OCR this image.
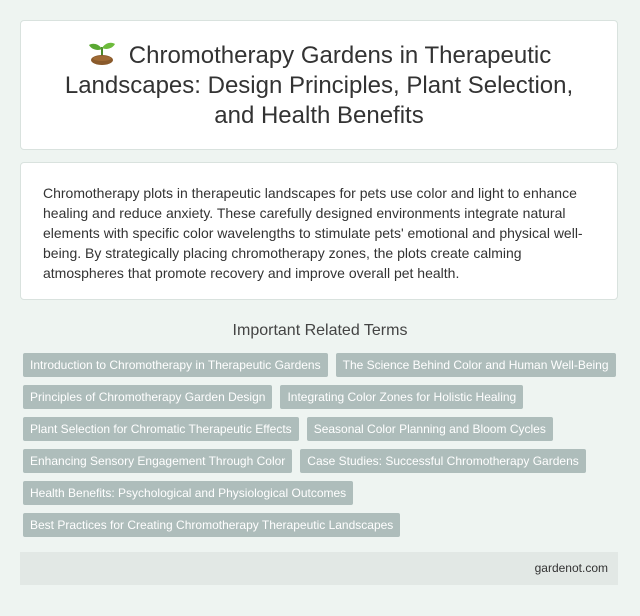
Chromotherapy Gardens in Therapeutic Landscapes: Design Principles, Plant Selection, and Health Benefits

Chromotherapy plots in therapeutic landscapes for pets use color and light to enhance healing and reduce anxiety. These carefully designed environments integrate natural elements with specific color wavelengths to stimulate pets' emotional and physical well-being. By strategically placing chromotherapy zones, the plots create calming atmospheres that promote recovery and improve overall pet health.

Important Related Terms
Introduction to Chromotherapy in Therapeutic Gardens	The Science Behind Color and Human Well-Being
Principles of Chromotherapy Garden Design	Integrating Color Zones for Holistic Healing
Plant Selection for Chromatic Therapeutic Effects	Seasonal Color Planning and Bloom Cycles
Enhancing Sensory Engagement Through Color	Case Studies: Successful Chromotherapy Gardens
Health Benefits: Psychological and Physiological Outcomes
Best Practices for Creating Chromotherapy Therapeutic Landscapes
gardenot.com
